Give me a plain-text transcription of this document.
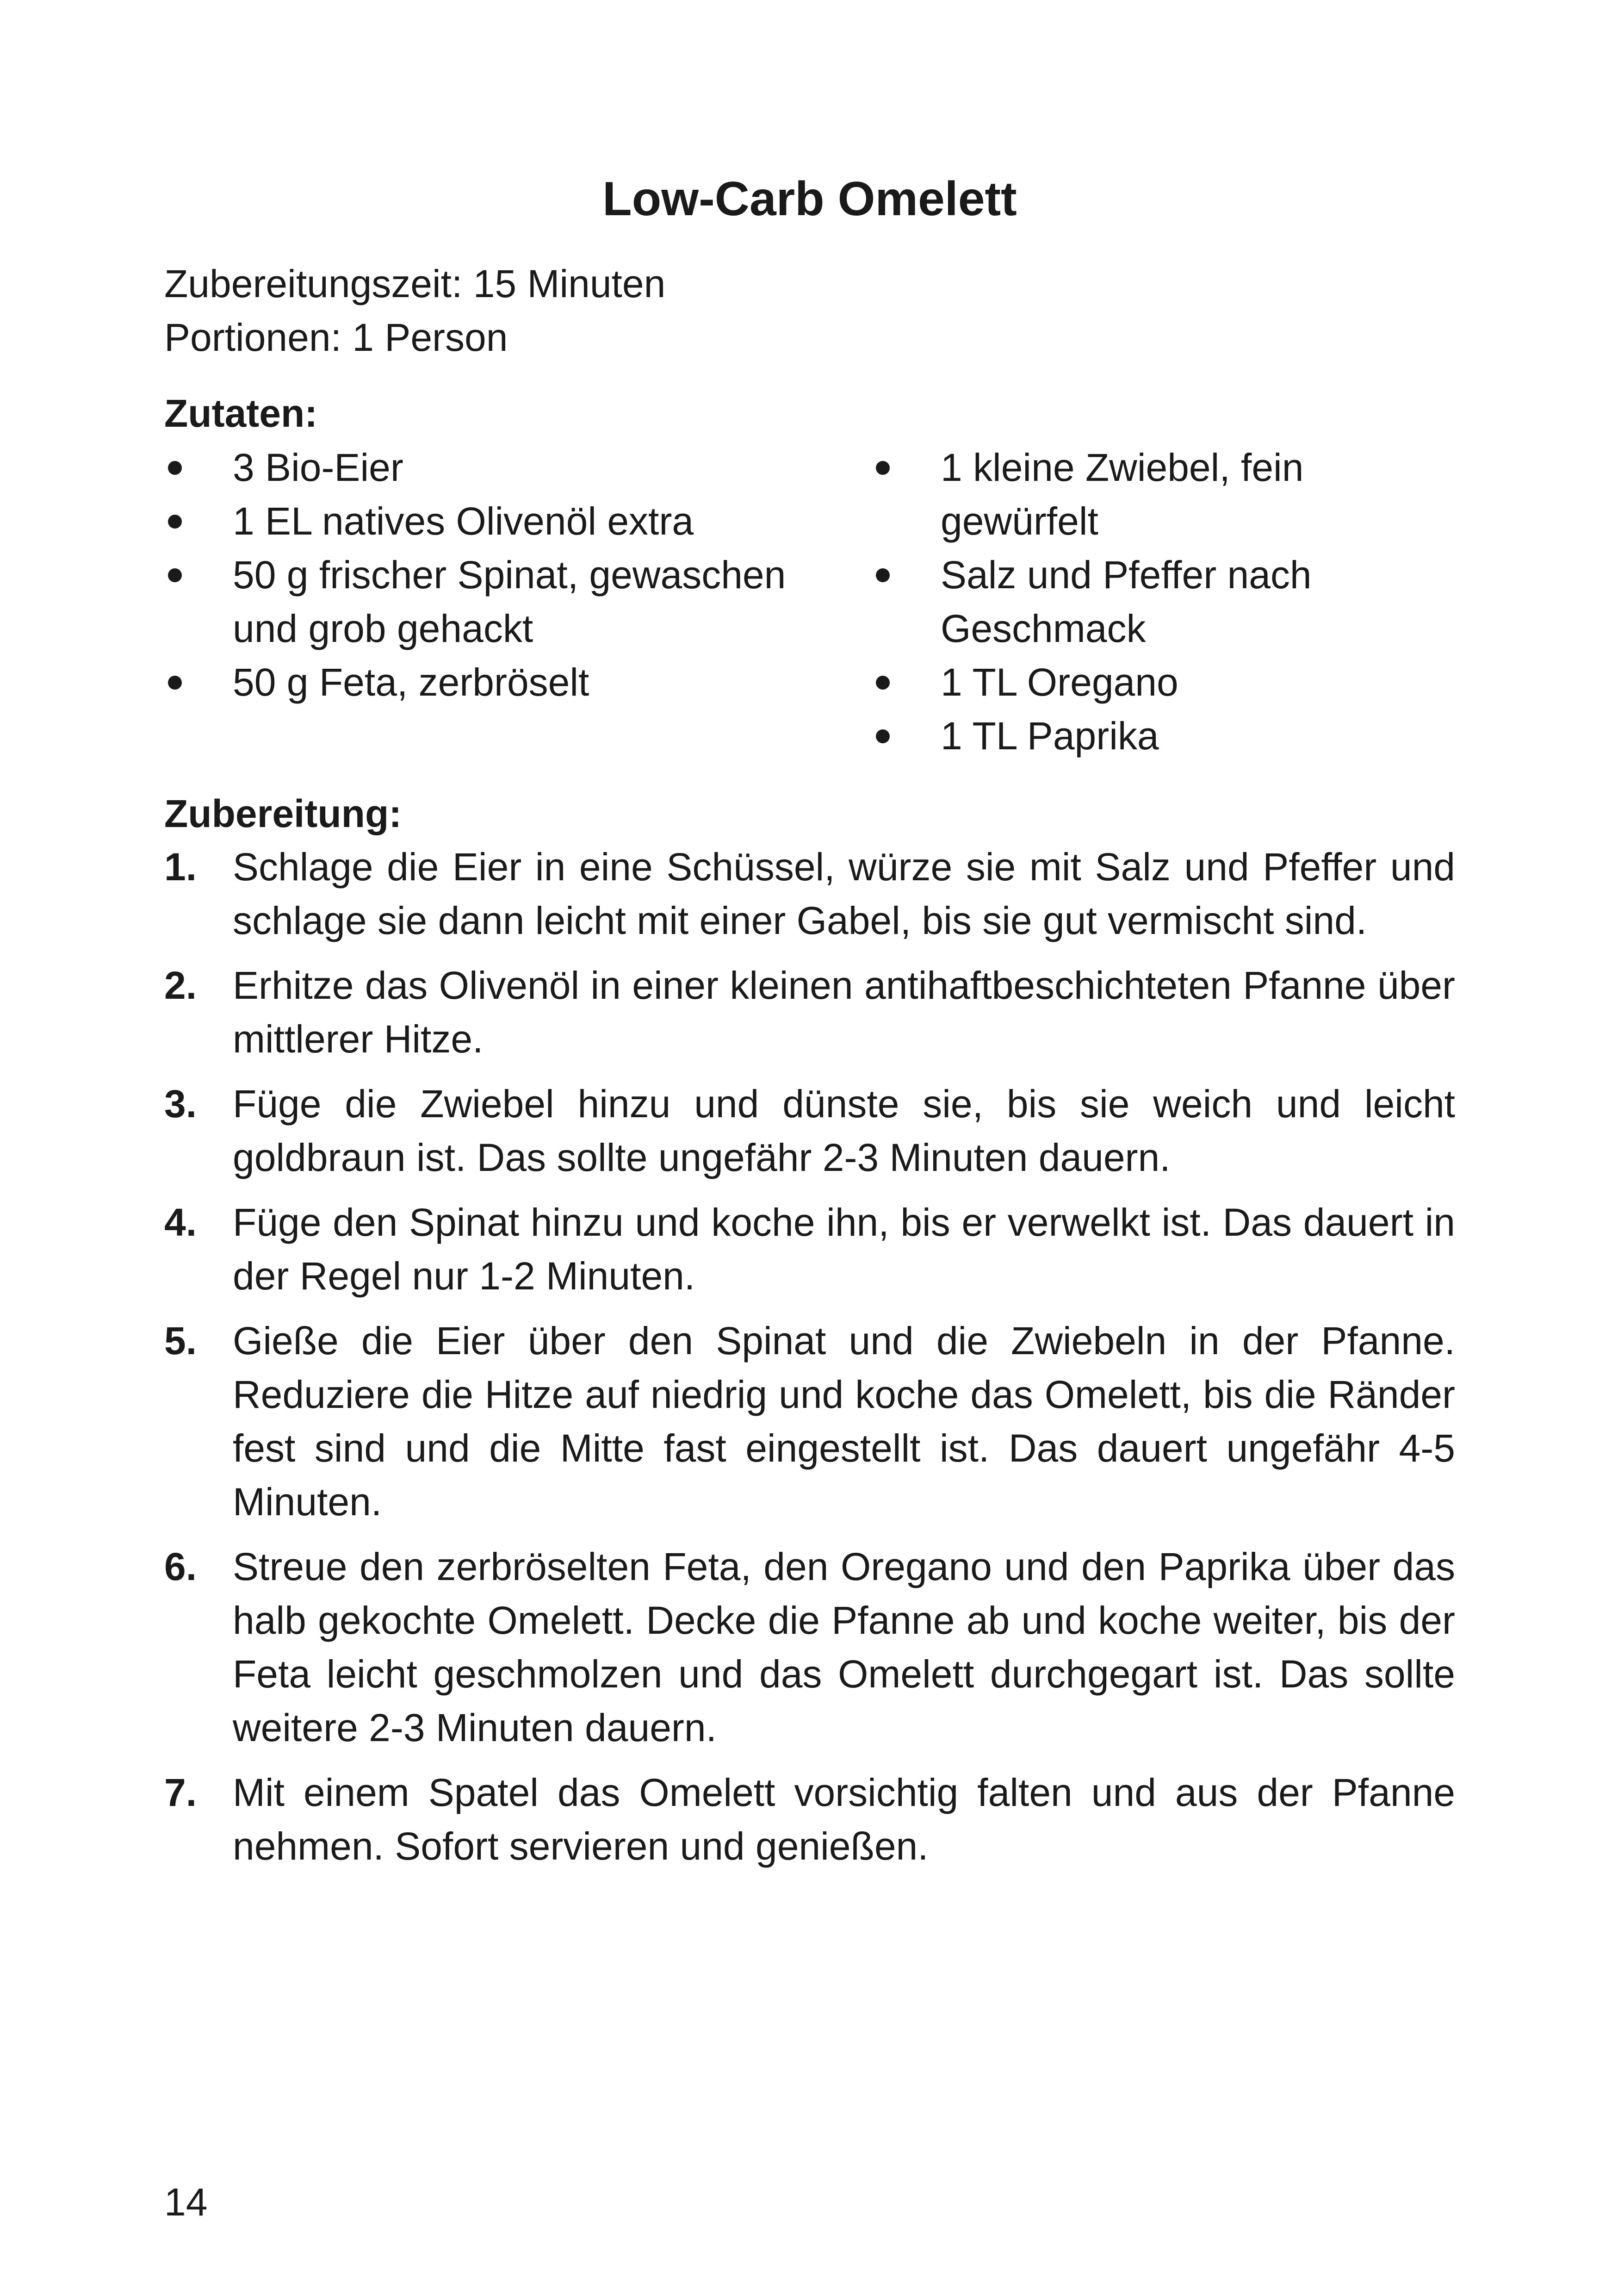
Low-Carb Omelett
Zubereitungszeit: 15 Minuten
Portionen: 1 Person
Zutaten:
3 Bio-Eier
1 EL natives Olivenöl extra
50 g frischer Spinat, gewaschen und grob gehackt
50 g Feta, zerbröselt
1 kleine Zwiebel, fein gewürfelt
Salz und Pfeffer nach Geschmack
1 TL Oregano
1 TL Paprika
Zubereitung:
1. Schlage die Eier in eine Schüssel, würze sie mit Salz und Pfeffer und schlage sie dann leicht mit einer Gabel, bis sie gut vermischt sind.
2. Erhitze das Olivenöl in einer kleinen antihaftbeschichteten Pfanne über mittlerer Hitze.
3. Füge die Zwiebel hinzu und dünste sie, bis sie weich und leicht goldbraun ist. Das sollte ungefähr 2-3 Minuten dauern.
4. Füge den Spinat hinzu und koche ihn, bis er verwelkt ist. Das dauert in der Regel nur 1-2 Minuten.
5. Gieße die Eier über den Spinat und die Zwiebeln in der Pfanne. Reduziere die Hitze auf niedrig und koche das Omelett, bis die Ränder fest sind und die Mitte fast eingestellt ist. Das dauert ungefähr 4-5 Minuten.
6. Streue den zerbröselten Feta, den Oregano und den Paprika über das halb gekochte Omelett. Decke die Pfanne ab und koche weiter, bis der Feta leicht geschmolzen und das Omelett durchgegart ist. Das sollte weitere 2-3 Minuten dauern.
7. Mit einem Spatel das Omelett vorsichtig falten und aus der Pfanne nehmen. Sofort servieren und genießen.
14
